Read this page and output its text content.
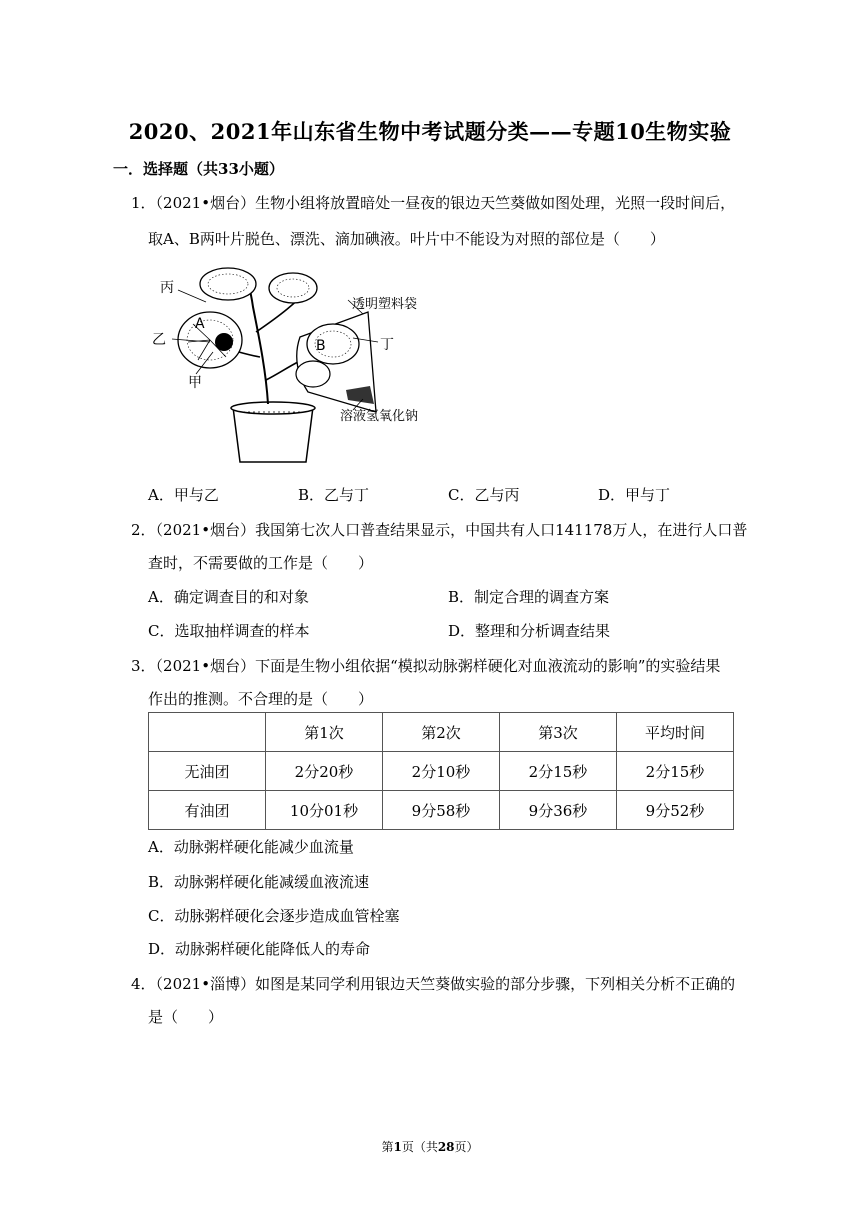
2020、2021年山东省生物中考试题分类——专题10生物实验
一．选择题（共33小题）
1．（2021•烟台）生物小组将放置暗处一昼夜的银边天竺葵做如图处理，光照一段时间后，
取A、B两叶片脱色、漂洗、滴加碘液。叶片中不能设为对照的部位是（　　）
丙
乙
甲
A
B	丁
透明塑料袋
溶液氢氧化钠
A．甲与乙	B．乙与丁	C．乙与丙	D．甲与丁
2．（2021•烟台）我国第七次人口普查结果显示，中国共有人口141178万人，在进行人口普
查时，不需要做的工作是（　　）
A．确定调查目的和对象	B．制定合理的调查方案
C．选取抽样调查的样本	D．整理和分析调查结果
3．（2021•烟台）下面是生物小组依据“模拟动脉粥样硬化对血液流动的影响”的实验结果
作出的推测。不合理的是（　　）
	第1次	第2次	第3次	平均时间
无油团	2分20秒	2分10秒	2分15秒	2分15秒
有油团	10分01秒	9分58秒	9分36秒	9分52秒
A．动脉粥样硬化能减少血流量
B．动脉粥样硬化能减缓血液流速
C．动脉粥样硬化会逐步造成血管栓塞
D．动脉粥样硬化能降低人的寿命
4．（2021•淄博）如图是某同学利用银边天竺葵做实验的部分步骤，下列相关分析不正确的
是（　　）
第1页（共28页）
